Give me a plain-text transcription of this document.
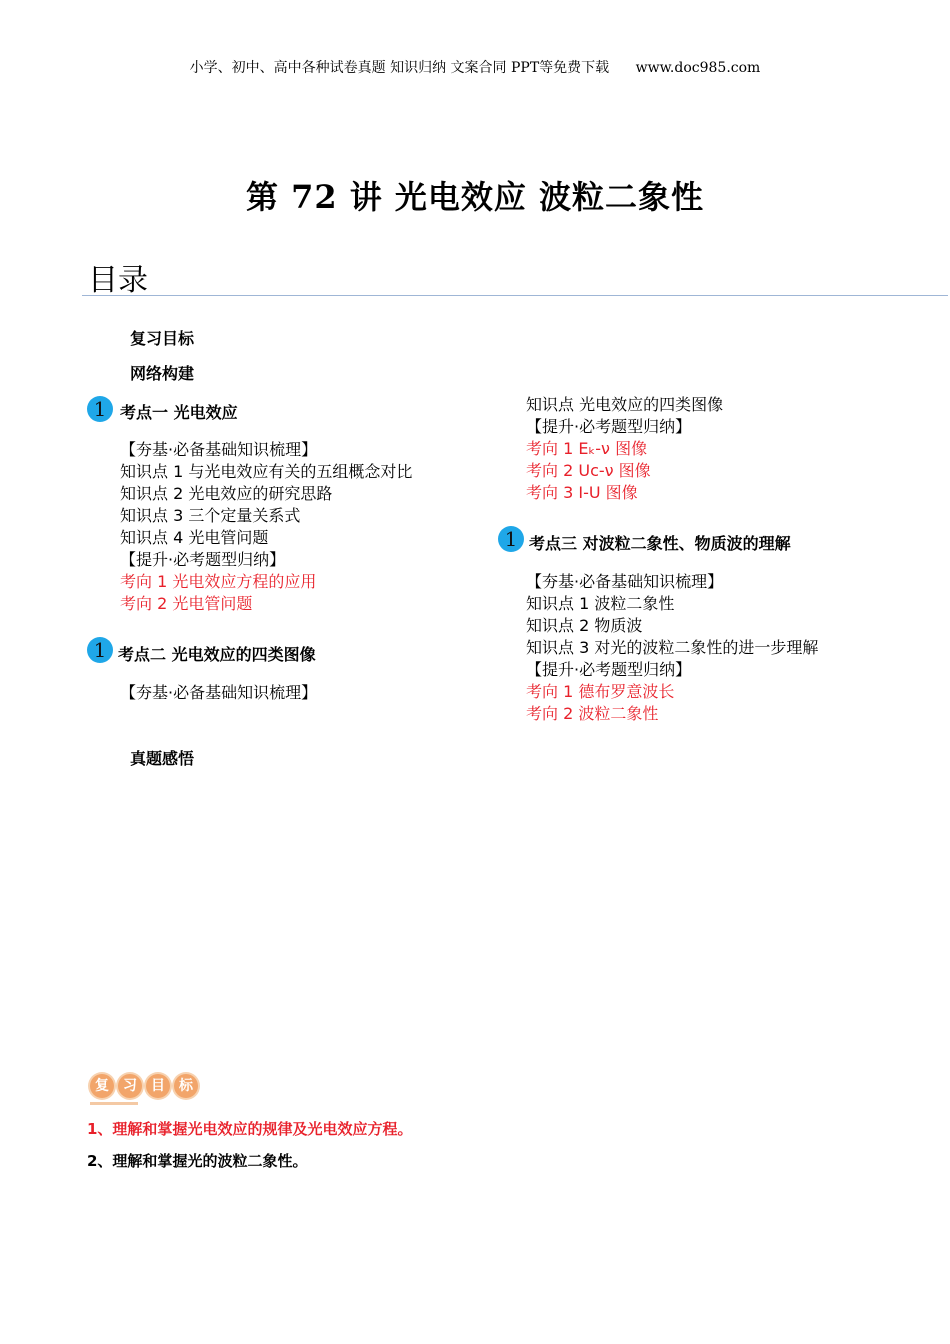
小学、初中、高中各种试卷真题 知识归纳 文案合同 PPT等免费下载 www.doc985.com
第 72 讲 光电效应 波粒二象性
目录
复习目标
网络构建
1 考点一 光电效应
【夯基·必备基础知识梳理】
知识点 1 与光电效应有关的五组概念对比
知识点 2 光电效应的研究思路
知识点 3 三个定量关系式
知识点 4 光电管问题
【提升·必考题型归纳】
考向 1 光电效应方程的应用
考向 2 光电管问题
1 考点二 光电效应的四类图像
【夯基·必备基础知识梳理】
真题感悟
知识点 光电效应的四类图像
【提升·必考题型归纳】
考向 1 Eₖ-ν 图像
考向 2 Uc-ν 图像
考向 3 I-U 图像
1 考点三 对波粒二象性、物质波的理解
【夯基·必备基础知识梳理】
知识点 1 波粒二象性
知识点 2 物质波
知识点 3 对光的波粒二象性的进一步理解
【提升·必考题型归纳】
考向 1 德布罗意波长
考向 2 波粒二象性
复	习	目	标
1、理解和掌握光电效应的规律及光电效应方程。
2、理解和掌握光的波粒二象性。
